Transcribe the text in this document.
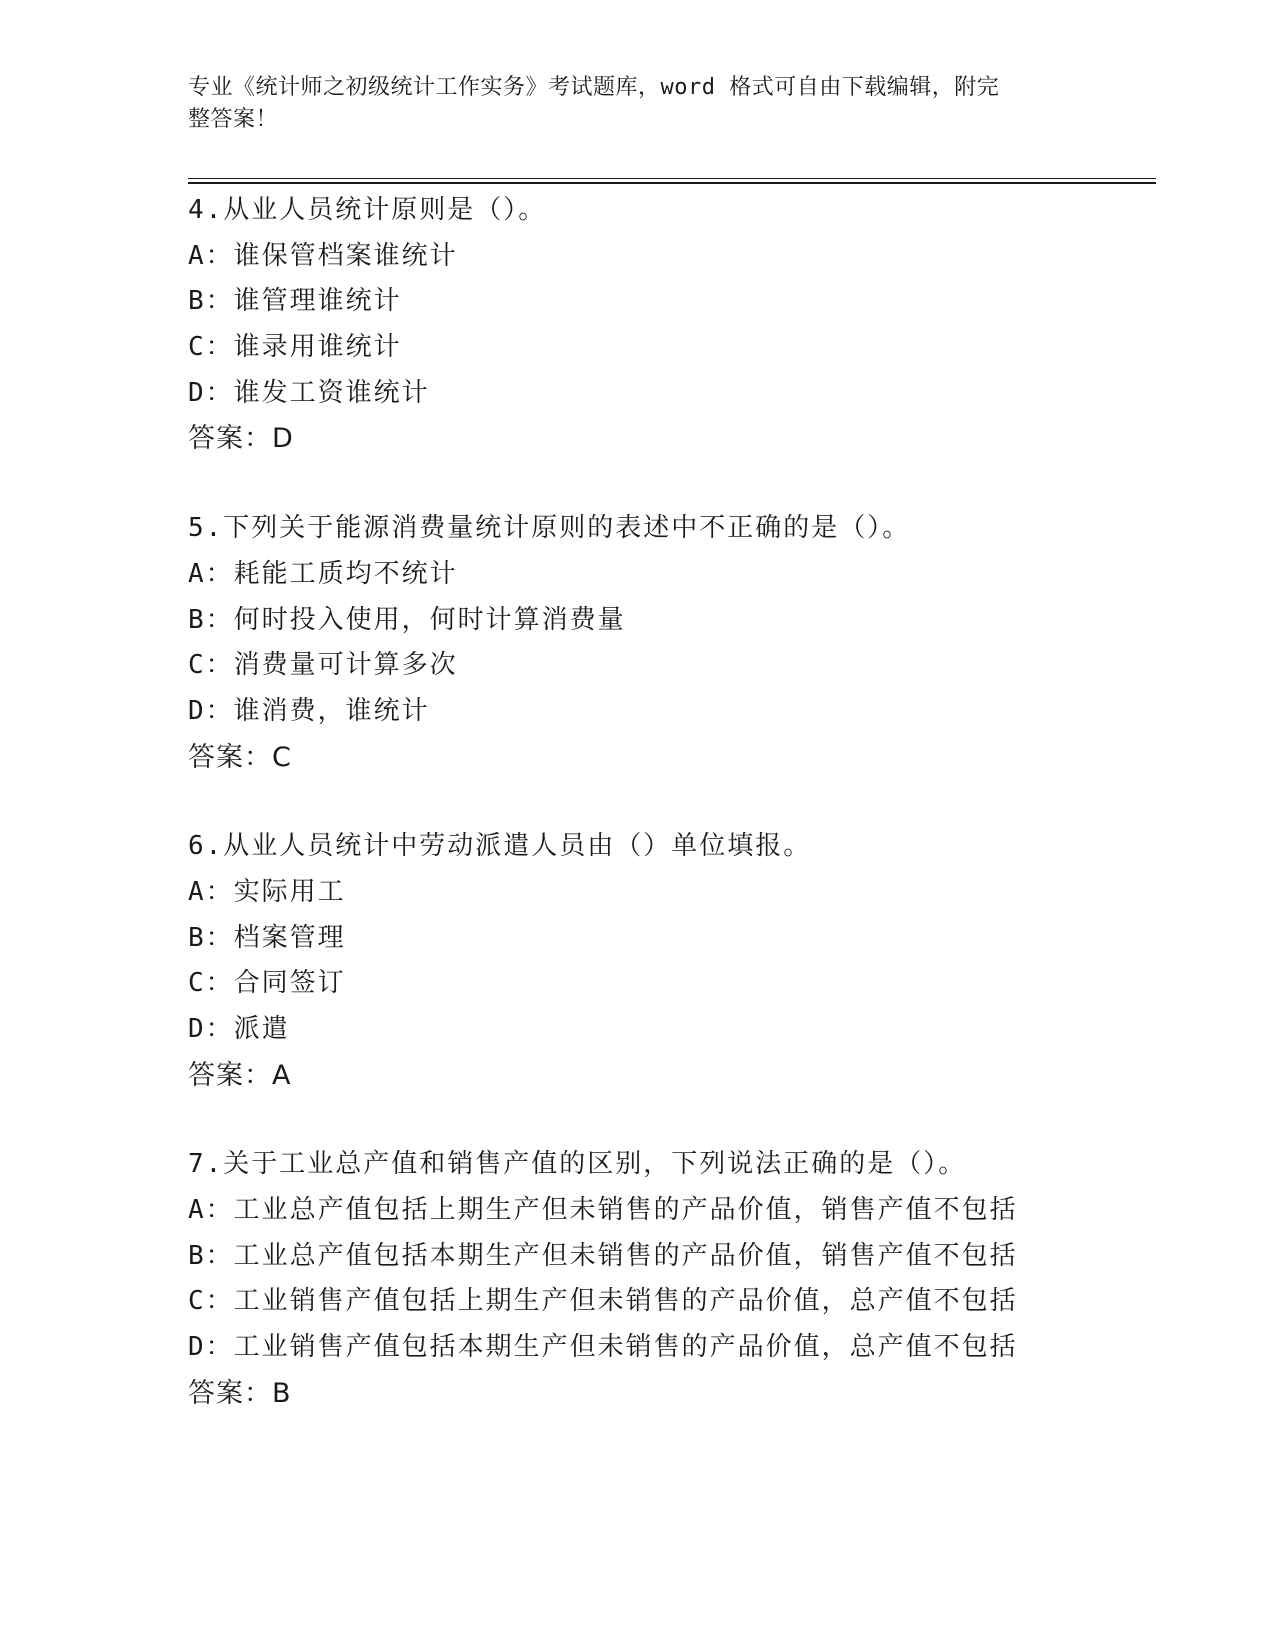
专业《统计师之初级统计工作实务》考试题库，word 格式可自由下载编辑，附完
整答案！
4.从业人员统计原则是（）。
A：谁保管档案谁统计
B：谁管理谁统计
C：谁录用谁统计
D：谁发工资谁统计
答案：D
5.下列关于能源消费量统计原则的表述中不正确的是（）。
A：耗能工质均不统计
B：何时投入使用，何时计算消费量
C：消费量可计算多次
D：谁消费，谁统计
答案：C
6.从业人员统计中劳动派遣人员由（）单位填报。
A：实际用工
B：档案管理
C：合同签订
D：派遣
答案：A
7.关于工业总产值和销售产值的区别，下列说法正确的是（）。
A：工业总产值包括上期生产但未销售的产品价值，销售产值不包括
B：工业总产值包括本期生产但未销售的产品价值，销售产值不包括
C：工业销售产值包括上期生产但未销售的产品价值，总产值不包括
D：工业销售产值包括本期生产但未销售的产品价值，总产值不包括
答案：B
